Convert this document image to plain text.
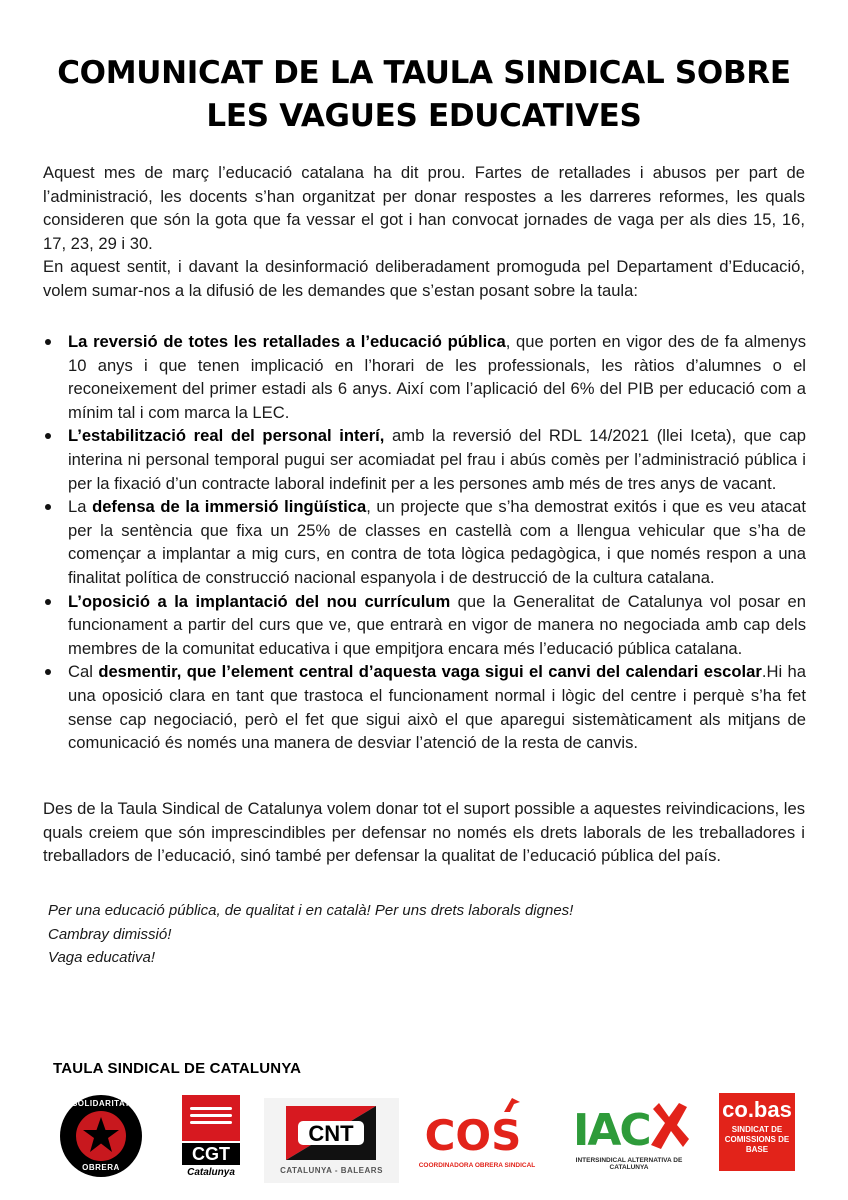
COMUNICAT DE LA TAULA SINDICAL SOBRE
LES VAGUES EDUCATIVES

Aquest mes de març l’educació catalana ha dit prou. Fartes de retallades i abusos per part de l’administració, les docents s’han organitzat per donar respostes a les darreres reformes, les quals consideren que són la gota que fa vessar el got i han convocat jornades de vaga per als dies 15, 16, 17, 23, 29 i 30.

En aquest sentit, i davant la desinformació deliberadament promoguda pel Departament d’Educació, volem sumar-nos a la difusió de les demandes que s’estan posant sobre la taula:

La reversió de totes les retallades a l’educació pública, que porten en vigor des de fa almenys 10 anys i que tenen implicació en l’horari de les professionals, les ràtios d’alumnes o el reconeixement del primer estadi als 6 anys. Així com l’aplicació del 6% del PIB per educació com a mínim tal i com marca la LEC.
L’estabilització real del personal interí, amb la reversió del RDL 14/2021 (llei Iceta), que cap interina ni personal temporal pugui ser acomiadat pel frau i abús comès per l’administració pública i per la fixació d’un contracte laboral indefinit per a les persones amb més de tres anys de vacant.
La defensa de la immersió lingüística, un projecte que s’ha demostrat exitós i que es veu atacat per la sentència que fixa un 25% de classes en castellà com a llengua vehicular que s’ha de començar a implantar a mig curs, en contra de tota lògica pedagògica, i que només respon a una finalitat política de construcció nacional espanyola i de destrucció de la cultura catalana.
L’oposició a la implantació del nou currículum que la Generalitat de Catalunya vol posar en funcionament a partir del curs que ve, que entrarà en vigor de manera no negociada amb cap dels membres de la comunitat educativa i que empitjora encara més l’educació pública catalana.
Cal desmentir, que l’element central d’aquesta vaga sigui el canvi del calendari escolar.Hi ha una oposició clara en tant que trastoca el funcionament normal i lògic del centre i perquè s’ha fet sense cap negociació, però el fet que sigui això el que aparegui sistemàticament als mitjans de comunicació és només una manera de desviar l’atenció de la resta de canvis.

Des de la Taula Sindical de Catalunya volem donar tot el suport possible a aquestes reivindicacions, les quals creiem que són imprescindibles per defensar no només els drets laborals de les treballadores i treballadors de l’educació, sinó també per defensar la qualitat de l’educació pública del país.

Per una educació pública, de qualitat i en català! Per uns drets laborals dignes!
Cambray dimissió!
Vaga educativa!
TAULA SINDICAL DE CATALUNYA
SOLIDARITAT
OBRERA
CGT
Catalunya
CNT
CATALUNYA - BALEARS
COS
COORDINADORA OBRERA SINDICAL
IAC
INTERSINDICAL ALTERNATIVA DE CATALUNYA
co.bas
SINDICAT DE COMISSIONS DE BASE
